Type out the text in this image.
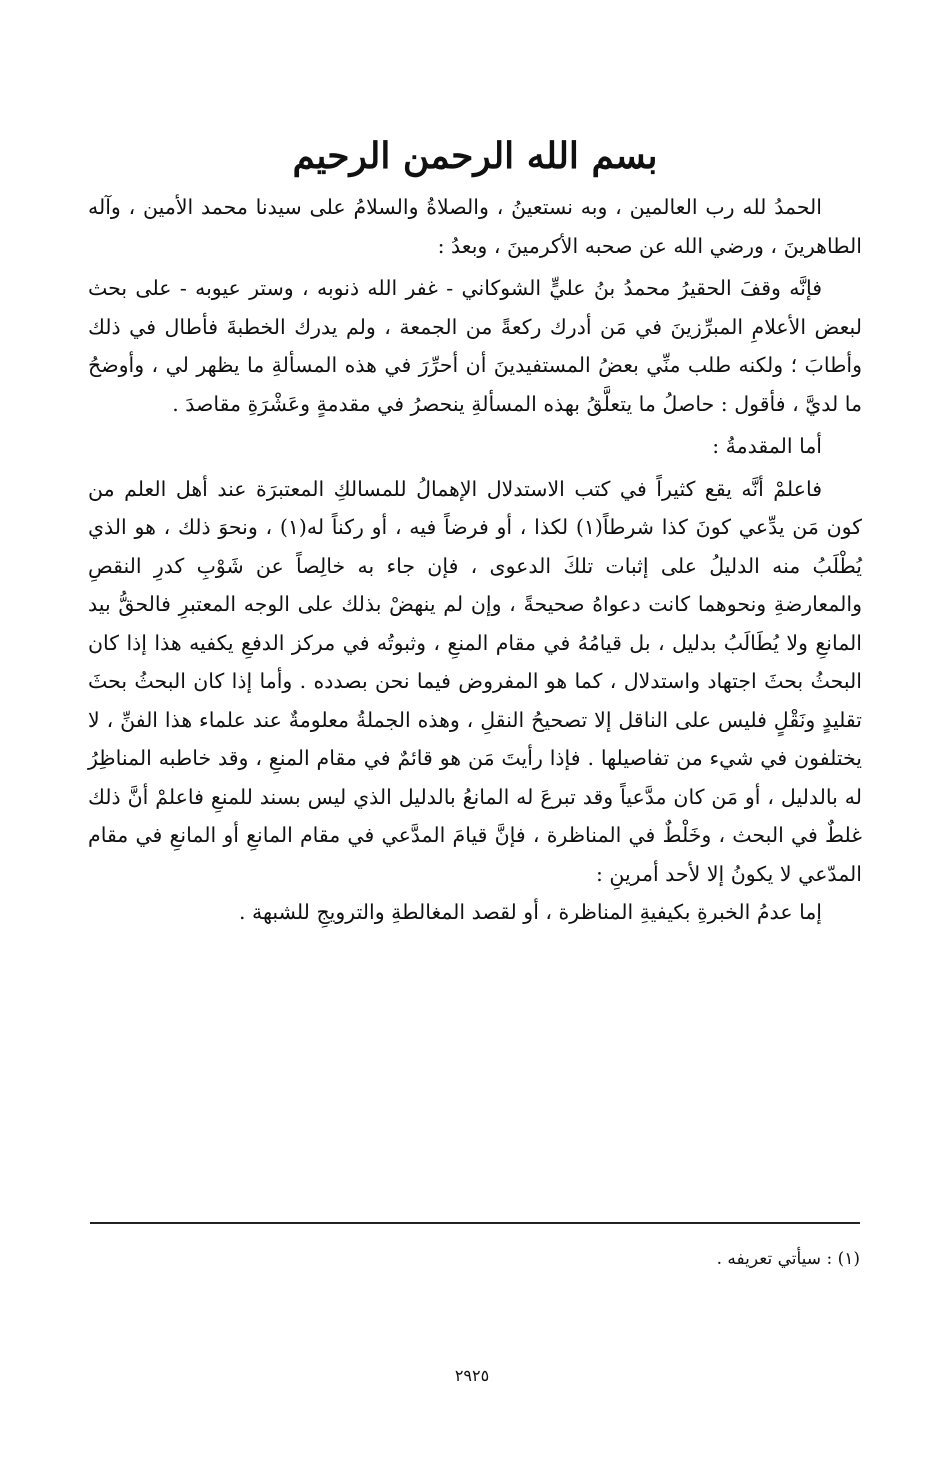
بسم الله الرحمن الرحيم

الحمدُ لله رب العالمين ، وبه نستعينُ ، والصلاةُ والسلامُ على سيدنا محمد الأمين ، وآله الطاهرينَ ، ورضي الله عن صحبه الأكرمينَ ، وبعدُ :

فإنَّه وقفَ الحقيرُ محمدُ بنُ عليٍّ الشوكاني - غفر الله ذنوبه ، وستر عيوبه - على بحث لبعض الأعلامِ المبرِّزينَ في مَن أدرك ركعةً من الجمعة ، ولم يدرك الخطبةَ فأطال في ذلك وأطابَ ؛ ولكنه طلب منِّي بعضُ المستفيدينَ أن أحرِّرَ في هذه المسألةِ ما يظهر لي ، وأوضحُ ما لديَّ ، فأقول : حاصلُ ما يتعلَّقُ بهذه المسألةِ ينحصرُ في مقدمةٍ وعَشْرَةِ مقاصدَ .

أما المقدمةُ :

فاعلمْ أنَّه يقع كثيراً في كتب الاستدلال الإهمالُ للمسالكِ المعتبرَة عند أهل العلم من كون مَن يدِّعي كونَ كذا شرطاً(١) لكذا ، أو فرضاً فيه ، أو ركناً له(١) ، ونحوَ ذلك ، هو الذي يُطْلَبُ منه الدليلُ على إثبات تلكَ الدعوى ، فإن جاء به خالِصاً عن شَوْبِ كدرِ النقصِ والمعارضةِ ونحوهما كانت دعواهُ صحيحةً ، وإن لم ينهضْ بذلك على الوجه المعتبرِ فالحقُّ بيد المانعِ ولا يُطَالَبُ بدليل ، بل قيامُهُ في مقام المنعِ ، وثبوتُه في مركز الدفعِ يكفيه هذا إذا كان البحثُ بحثَ اجتهاد واستدلال ، كما هو المفروض فيما نحن بصدده . وأما إذا كان البحثُ بحثَ تقليدٍ ونَقْلٍ فليس على الناقل إلا تصحيحُ النقلِ ، وهذه الجملةُ معلومةٌ عند علماء هذا الفنِّ ، لا يختلفون في شيء من تفاصيلها . فإذا رأيتَ مَن هو قائمٌ في مقام المنعِ ، وقد خاطبه المناظِرُ له بالدليل ، أو مَن كان مدَّعياً وقد تبرعَ له المانعُ بالدليل الذي ليس بسند للمنعِ فاعلمْ أنَّ ذلك غلطٌ في البحث ، وخَلْطٌ في المناظرة ، فإنَّ قيامَ المدَّعي في مقام المانعِ أو المانعِ في مقام المدّعي لا يكونُ إلا لأحد أمرينِ :

إما عدمُ الخبرةِ بكيفيةِ المناظرة ، أو لقصد المغالطةِ والترويجِ للشبهة .

(١) : سيأتي تعريفه .
٢٩٢٥
